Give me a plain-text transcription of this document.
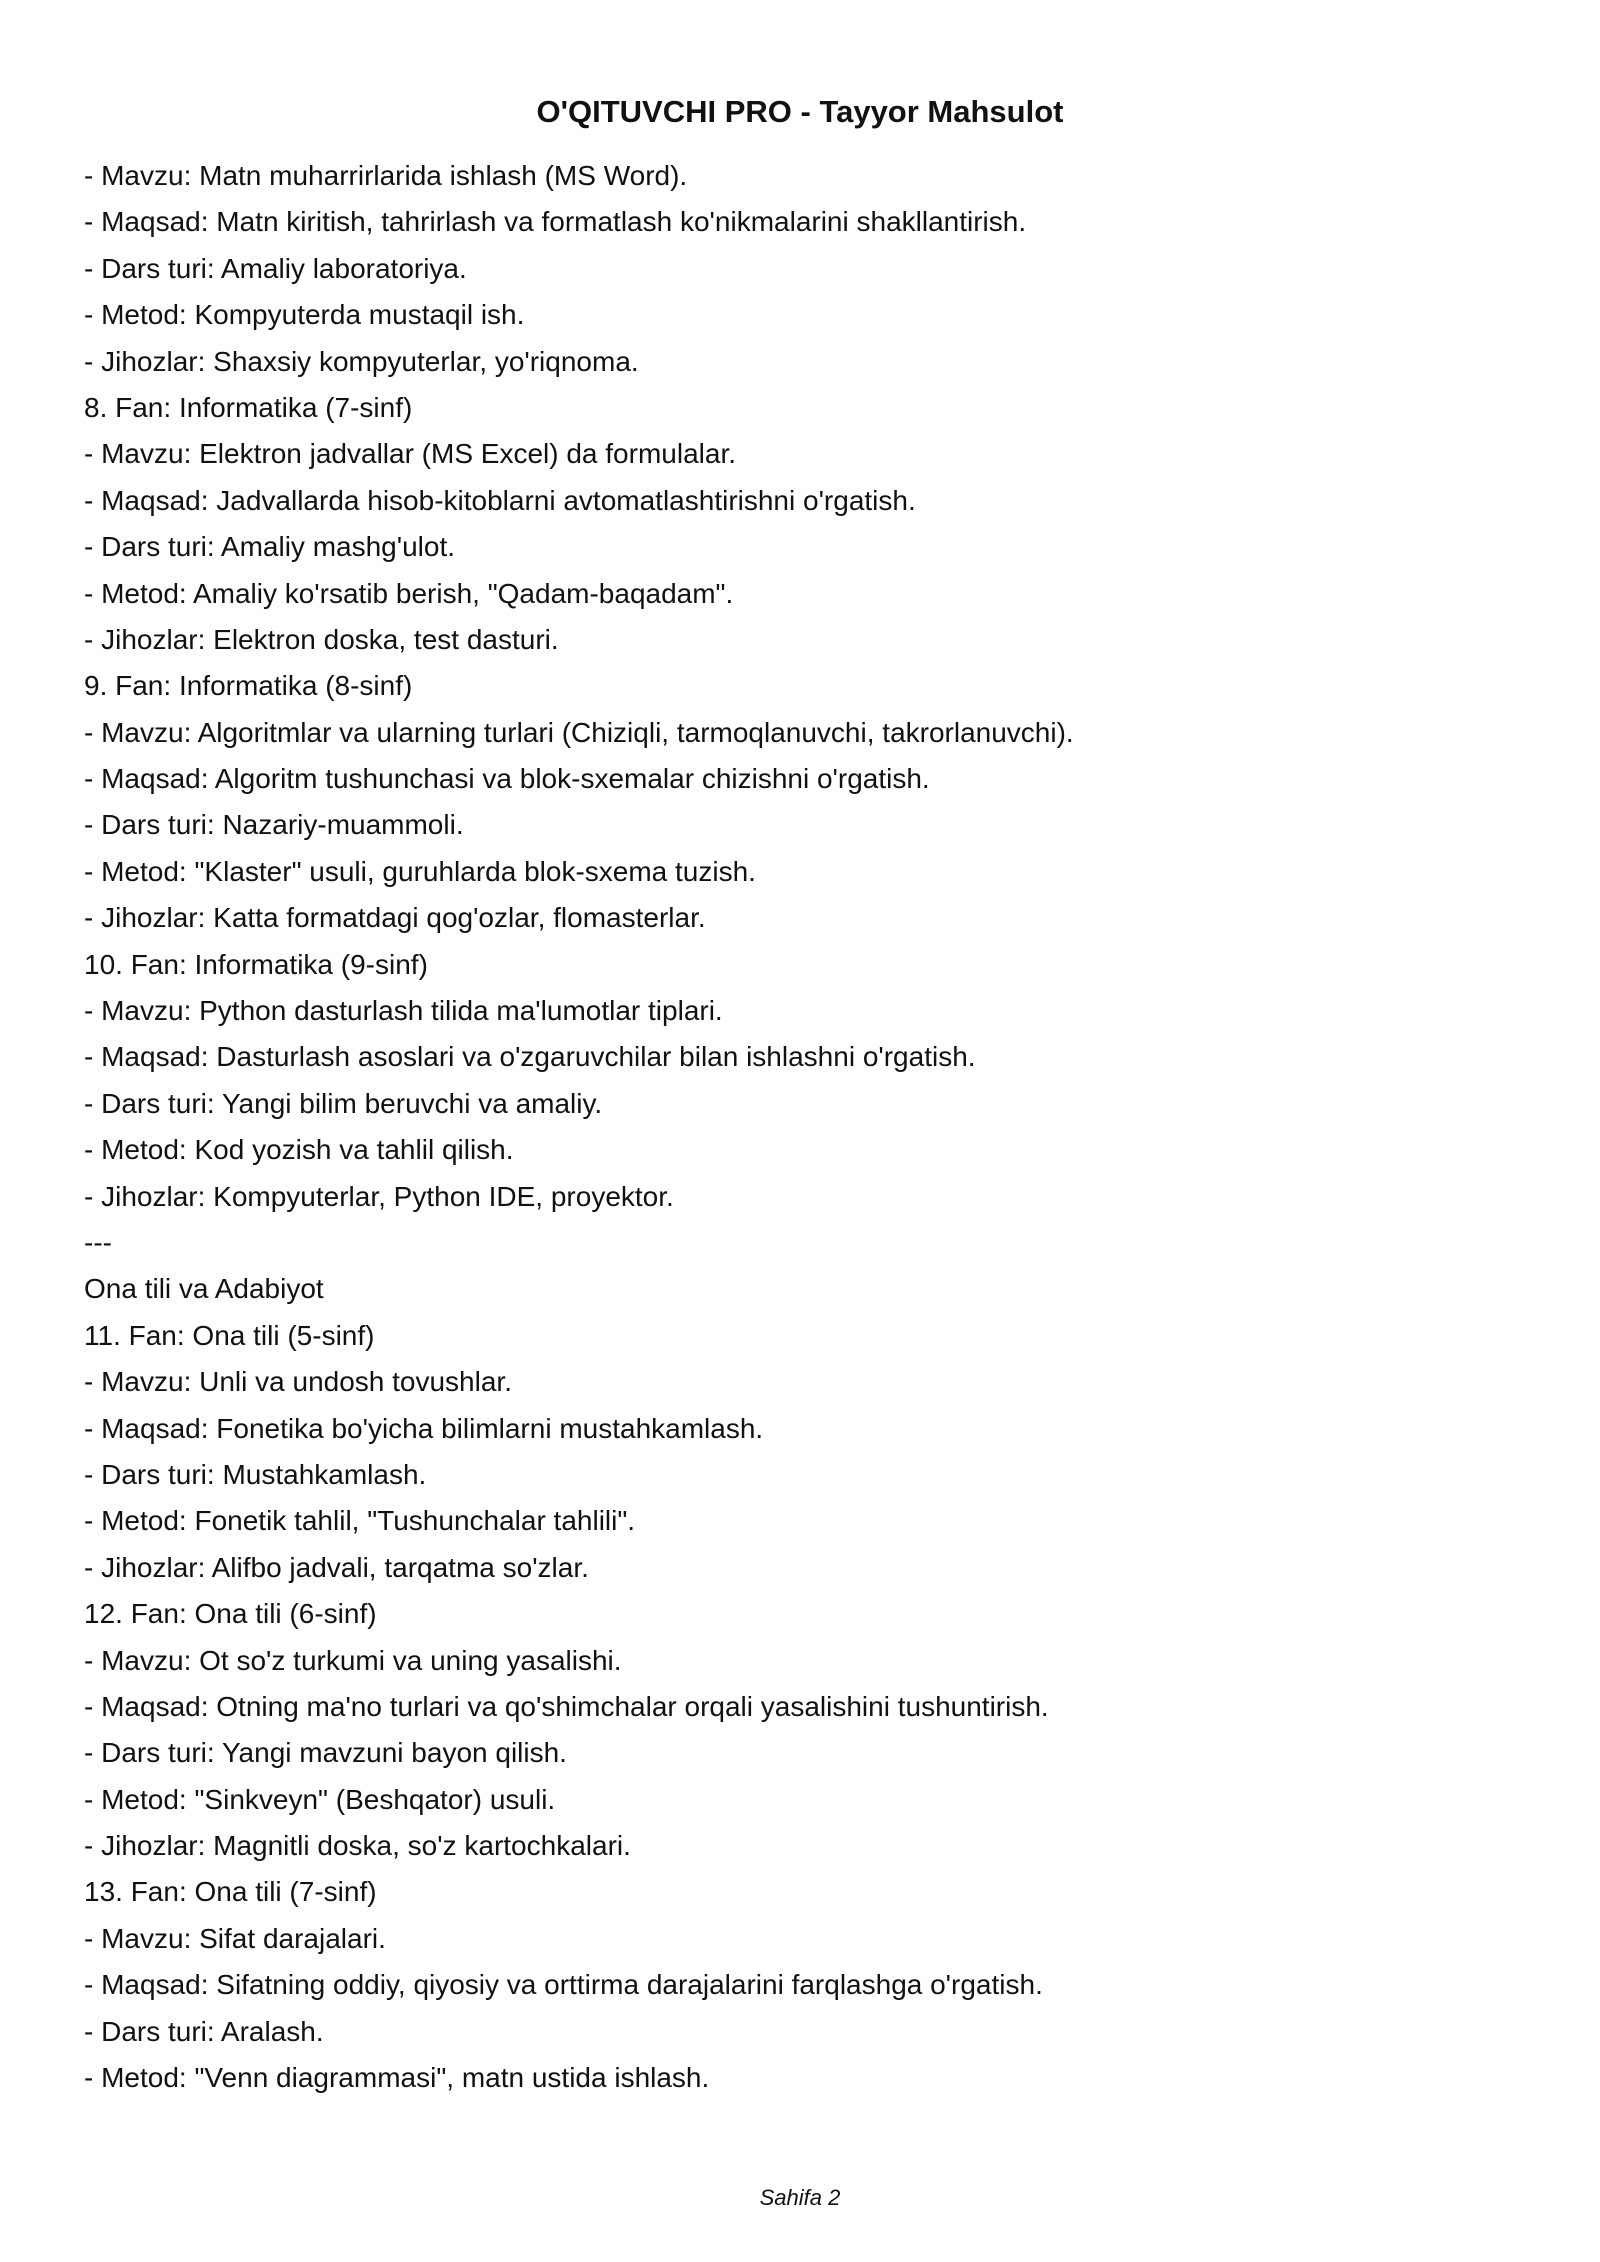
O'QITUVCHI PRO - Tayyor Mahsulot
- Mavzu: Matn muharrirlarida ishlash (MS Word).
- Maqsad: Matn kiritish, tahrirlash va formatlash ko'nikmalarini shakllantirish.
- Dars turi: Amaliy laboratoriya.
- Metod: Kompyuterda mustaqil ish.
- Jihozlar: Shaxsiy kompyuterlar, yo'riqnoma.
8. Fan: Informatika (7-sinf)
- Mavzu: Elektron jadvallar (MS Excel) da formulalar.
- Maqsad: Jadvallarda hisob-kitoblarni avtomatlashtirishni o'rgatish.
- Dars turi: Amaliy mashg'ulot.
- Metod: Amaliy ko'rsatib berish, "Qadam-baqadam".
- Jihozlar: Elektron doska, test dasturi.
9. Fan: Informatika (8-sinf)
- Mavzu: Algoritmlar va ularning turlari (Chiziqli, tarmoqlanuvchi, takrorlanuvchi).
- Maqsad: Algoritm tushunchasi va blok-sxemalar chizishni o'rgatish.
- Dars turi: Nazariy-muammoli.
- Metod: "Klaster" usuli, guruhlarda blok-sxema tuzish.
- Jihozlar: Katta formatdagi qog'ozlar, flomasterlar.
10. Fan: Informatika (9-sinf)
- Mavzu: Python dasturlash tilida ma'lumotlar tiplari.
- Maqsad: Dasturlash asoslari va o'zgaruvchilar bilan ishlashni o'rgatish.
- Dars turi: Yangi bilim beruvchi va amaliy.
- Metod: Kod yozish va tahlil qilish.
- Jihozlar: Kompyuterlar, Python IDE, proyektor.
---
Ona tili va Adabiyot
11. Fan: Ona tili (5-sinf)
- Mavzu: Unli va undosh tovushlar.
- Maqsad: Fonetika bo'yicha bilimlarni mustahkamlash.
- Dars turi: Mustahkamlash.
- Metod: Fonetik tahlil, "Tushunchalar tahlili".
- Jihozlar: Alifbo jadvali, tarqatma so'zlar.
12. Fan: Ona tili (6-sinf)
- Mavzu: Ot so'z turkumi va uning yasalishi.
- Maqsad: Otning ma'no turlari va qo'shimchalar orqali yasalishini tushuntirish.
- Dars turi: Yangi mavzuni bayon qilish.
- Metod: "Sinkveyn" (Beshqator) usuli.
- Jihozlar: Magnitli doska, so'z kartochkalari.
13. Fan: Ona tili (7-sinf)
- Mavzu: Sifat darajalari.
- Maqsad: Sifatning oddiy, qiyosiy va orttirma darajalarini farqlashga o'rgatish.
- Dars turi: Aralash.
- Metod: "Venn diagrammasi", matn ustida ishlash.
Sahifa 2
